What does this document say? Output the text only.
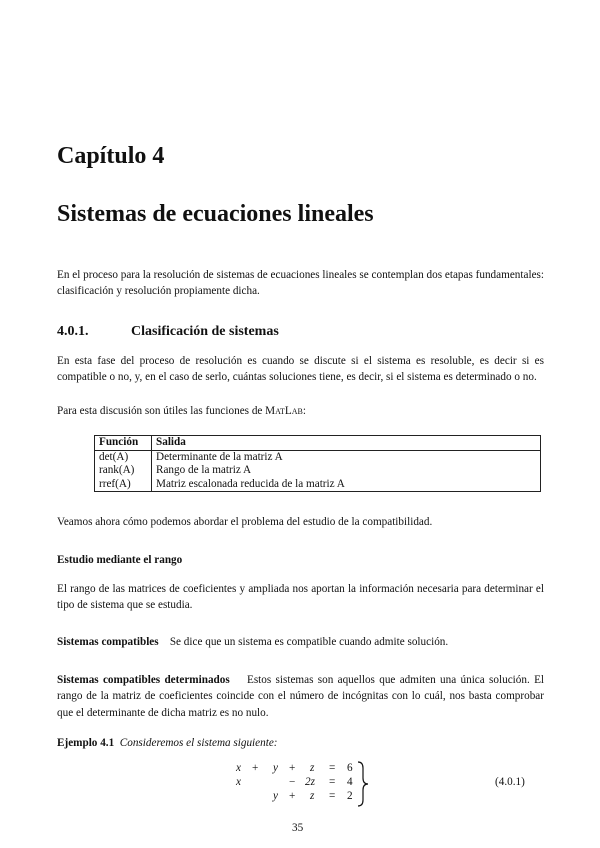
Capítulo 4
Sistemas de ecuaciones lineales
En el proceso para la resolución de sistemas de ecuaciones lineales se contemplan dos etapas fundamentales: clasificación y resolución propiamente dicha.
4.0.1.	Clasificación de sistemas
En esta fase del proceso de resolución es cuando se discute si el sistema es resoluble, es decir si es compatible o no, y, en el caso de serlo, cuántas soluciones tiene, es decir, si el sistema es determinado o no.
Para esta discusión son útiles las funciones de MatLab:
Función	Salida
det(A)	Determinante de la matriz A
rank(A)	Rango de la matriz A
rref(A)	Matriz escalonada reducida de la matriz A
Veamos ahora cómo podemos abordar el problema del estudio de la compatibilidad.
Estudio mediante el rango
El rango de las matrices de coeficientes y ampliada nos aportan la información necesaria para determinar el tipo de sistema que se estudia.
Sistemas compatibles Se dice que un sistema es compatible cuando admite solución.
Sistemas compatibles determinados Estos sistemas son aquellos que admiten una única solución. El rango de la matriz de coeficientes coincide con el número de incógnitas con lo cuál, nos basta comprobar que el determinante de dicha matriz es no nulo.
Ejemplo 4.1 Consideremos el sistema siguiente:
x + y + z = 6
x	− 2z = 4
y + z = 2
(4.0.1)
35
